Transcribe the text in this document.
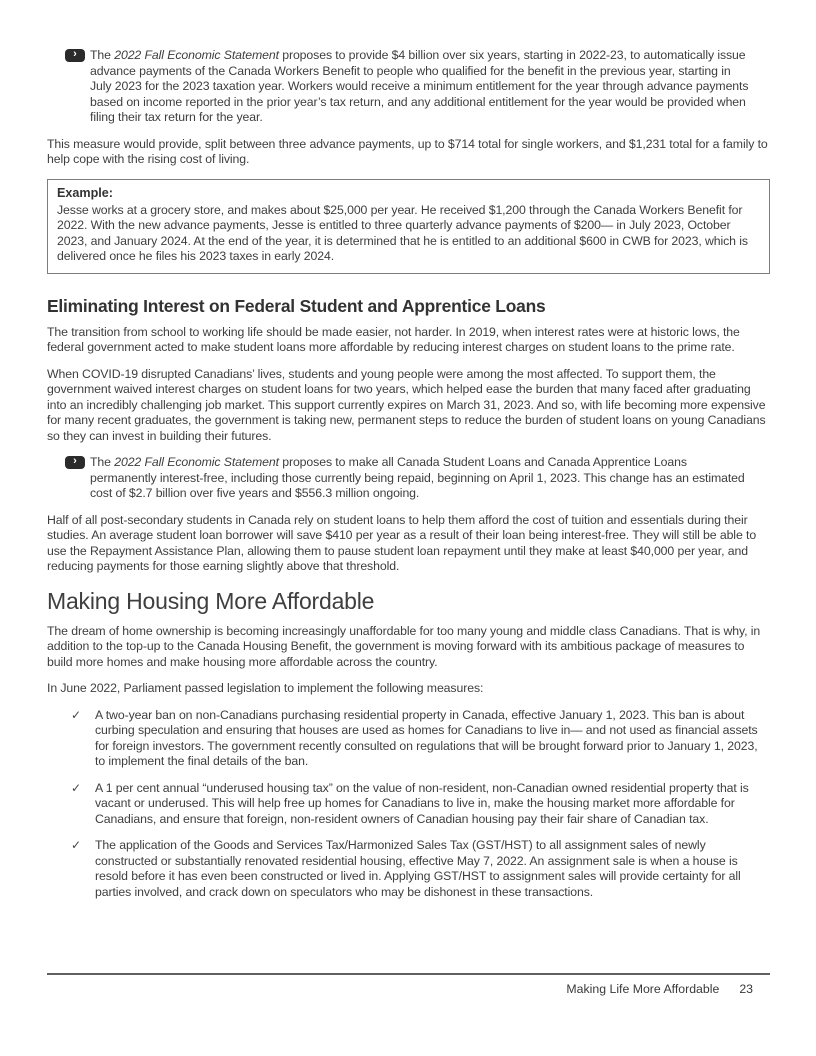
› The 2022 Fall Economic Statement proposes to provide $4 billion over six years, starting in 2022-23, to automatically issue advance payments of the Canada Workers Benefit to people who qualified for the benefit in the previous year, starting in July 2023 for the 2023 taxation year. Workers would receive a minimum entitlement for the year through advance payments based on income reported in the prior year’s tax return, and any additional entitlement for the year would be provided when filing their tax return for the year.

This measure would provide, split between three advance payments, up to $714 total for single workers, and $1,231 total for a family to help cope with the rising cost of living.

Example:

Jesse works at a grocery store, and makes about $25,000 per year. He received $1,200 through the Canada Workers Benefit for 2022. With the new advance payments, Jesse is entitled to three quarterly advance payments of $200— in July 2023, October 2023, and January 2024. At the end of the year, it is determined that he is entitled to an additional $600 in CWB for 2023, which is delivered once he files his 2023 taxes in early 2024.

Eliminating Interest on Federal Student and Apprentice Loans

The transition from school to working life should be made easier, not harder. In 2019, when interest rates were at historic lows, the federal government acted to make student loans more affordable by reducing interest charges on student loans to the prime rate.

When COVID-19 disrupted Canadians’ lives, students and young people were among the most affected. To support them, the government waived interest charges on student loans for two years, which helped ease the burden that many faced after graduating into an incredibly challenging job market. This support currently expires on March 31, 2023. And so, with life becoming more expensive for many recent graduates, the government is taking new, permanent steps to reduce the burden of student loans on young Canadians so they can invest in building their futures.

› The 2022 Fall Economic Statement proposes to make all Canada Student Loans and Canada Apprentice Loans permanently interest-free, including those currently being repaid, beginning on April 1, 2023. This change has an estimated cost of $2.7 billion over five years and $556.3 million ongoing.

Half of all post-secondary students in Canada rely on student loans to help them afford the cost of tuition and essentials during their studies. An average student loan borrower will save $410 per year as a result of their loan being interest-free. They will still be able to use the Repayment Assistance Plan, allowing them to pause student loan repayment until they make at least $40,000 per year, and reducing payments for those earning slightly above that threshold.

Making Housing More Affordable

The dream of home ownership is becoming increasingly unaffordable for too many young and middle class Canadians. That is why, in addition to the top-up to the Canada Housing Benefit, the government is moving forward with its ambitious package of measures to build more homes and make housing more affordable across the country.

In June 2022, Parliament passed legislation to implement the following measures:

✓	A two-year ban on non-Canadians purchasing residential property in Canada, effective January 1, 2023. This ban is about curbing speculation and ensuring that houses are used as homes for Canadians to live in— and not used as financial assets for foreign investors. The government recently consulted on regulations that will be brought forward prior to January 1, 2023, to implement the final details of the ban.
✓	A 1 per cent annual “underused housing tax” on the value of non-resident, non-Canadian owned residential property that is vacant or underused. This will help free up homes for Canadians to live in, make the housing market more affordable for Canadians, and ensure that foreign, non-resident owners of Canadian housing pay their fair share of Canadian tax.
✓	The application of the Goods and Services Tax/Harmonized Sales Tax (GST/HST) to all assignment sales of newly constructed or substantially renovated residential housing, effective May 7, 2022. An assignment sale is when a house is resold before it has even been constructed or lived in. Applying GST/HST to assignment sales will provide certainty for all parties involved, and crack down on speculators who may be dishonest in these transactions.
Making Life More Affordable 23
